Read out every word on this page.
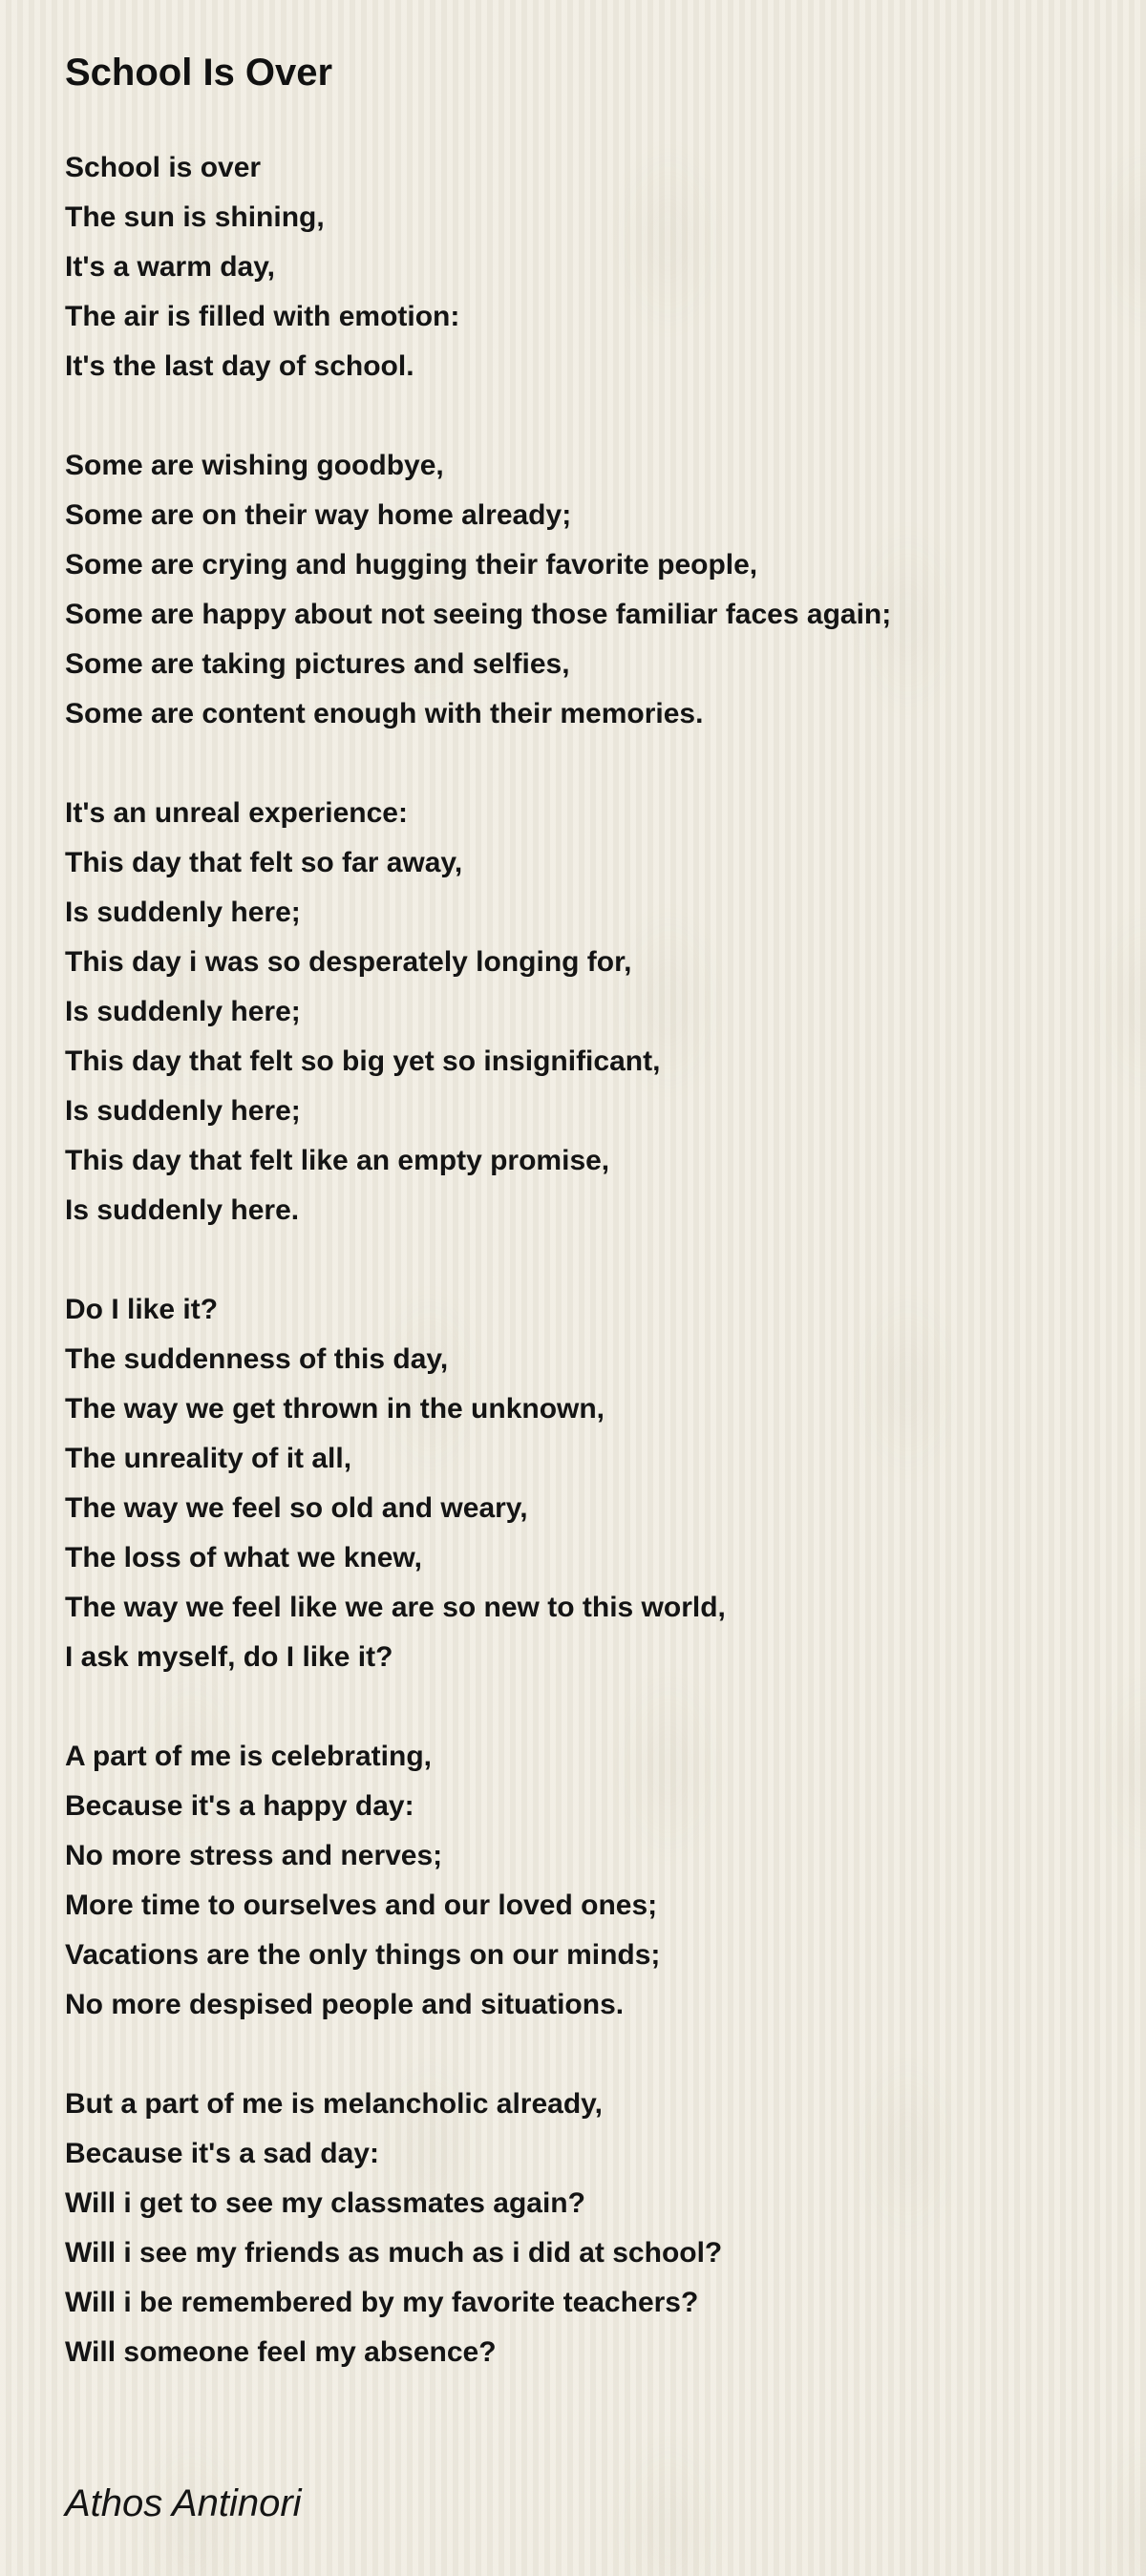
School Is Over
School is over
The sun is shining,
It's a warm day,
The air is filled with emotion:
It's the last day of school.
Some are wishing goodbye,
Some are on their way home already;
Some are crying and hugging their favorite people,
Some are happy about not seeing those familiar faces again;
Some are taking pictures and selfies,
Some are content enough with their memories.
It's an unreal experience:
This day that felt so far away,
Is suddenly here;
This day i was so desperately longing for,
Is suddenly here;
This day that felt so big yet so insignificant,
Is suddenly here;
This day that felt like an empty promise,
Is suddenly here.
Do I like it?
The suddenness of this day,
The way we get thrown in the unknown,
The unreality of it all,
The way we feel so old and weary,
The loss of what we knew,
The way we feel like we are so new to this world,
I ask myself, do I like it?
A part of me is celebrating,
Because it's a happy day:
No more stress and nerves;
More time to ourselves and our loved ones;
Vacations are the only things on our minds;
No more despised people and situations.
But a part of me is melancholic already,
Because it's a sad day:
Will i get to see my classmates again?
Will i see my friends as much as i did at school?
Will i be remembered by my favorite teachers?
Will someone feel my absence?
Athos Antinori
